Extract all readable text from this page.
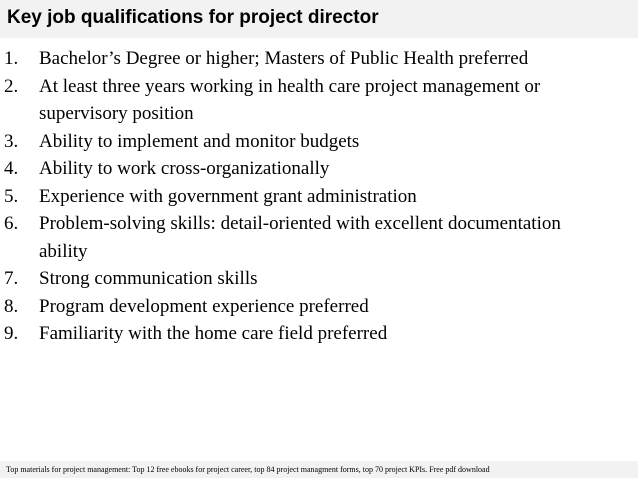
Key job qualifications for project director
1.	Bachelor’s Degree or higher; Masters of Public Health preferred
2.	At least three years working in health care project management or supervisory position
3.	Ability to implement and monitor budgets
4.	Ability to work cross-organizationally
5.	Experience with government grant administration
6.	Problem-solving skills: detail-oriented with excellent documentation ability
7.	Strong communication skills
8.	Program development experience preferred
9.	Familiarity with the home care field preferred

Top materials for project management: Top 12 free ebooks for project career, top 84 project managment forms, top 70 project KPIs. Free pdf download
